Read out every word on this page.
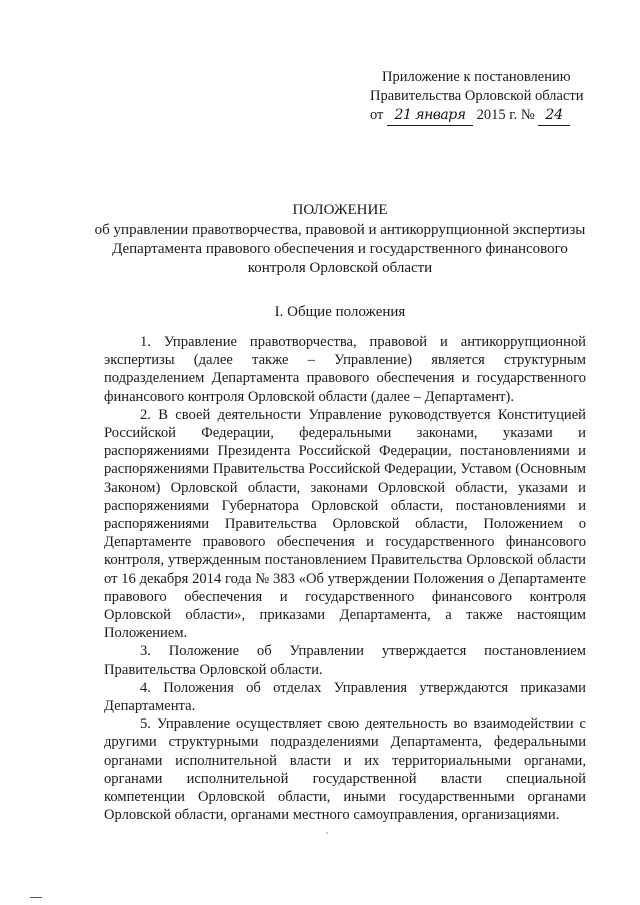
Приложение к постановлению
Правительства Орловской области
от 21 января 2015 г. № 24
ПОЛОЖЕНИЕ
об управлении правотворчества, правовой и антикоррупционной экспертизы
Департамента правового обеспечения и государственного финансового
контроля Орловской области
I. Общие положения

1. Управление правотворчества, правовой и антикоррупционной экспертизы (далее также – Управление) является структурным подразделением Департамента правового обеспечения и государственного финансового контроля Орловской области (далее – Департамент).

2. В своей деятельности Управление руководствуется Конституцией Российской Федерации, федеральными законами, указами и распоряжениями Президента Российской Федерации, постановлениями и распоряжениями Правительства Российской Федерации, Уставом (Основным Законом) Орловской области, законами Орловской области, указами и распоряжениями Губернатора Орловской области, постановлениями и распоряжениями Правительства Орловской области, Положением о Департаменте правового обеспечения и государственного финансового контроля, утвержденным постановлением Правительства Орловской области от 16 декабря 2014 года № 383 «Об утверждении Положения о Департаменте правового обеспечения и государственного финансового контроля Орловской области», приказами Департамента, а также настоящим Положением.

3. Положение об Управлении утверждается постановлением Правительства Орловской области.

4. Положения об отделах Управления утверждаются приказами Департамента.

5. Управление осуществляет свою деятельность во взаимодействии с другими структурными подразделениями Департамента, федеральными органами исполнительной власти и их территориальными органами, органами исполнительной государственной власти специальной компетенции Орловской области, иными государственными органами Орловской области, органами местного самоуправления, организациями.
